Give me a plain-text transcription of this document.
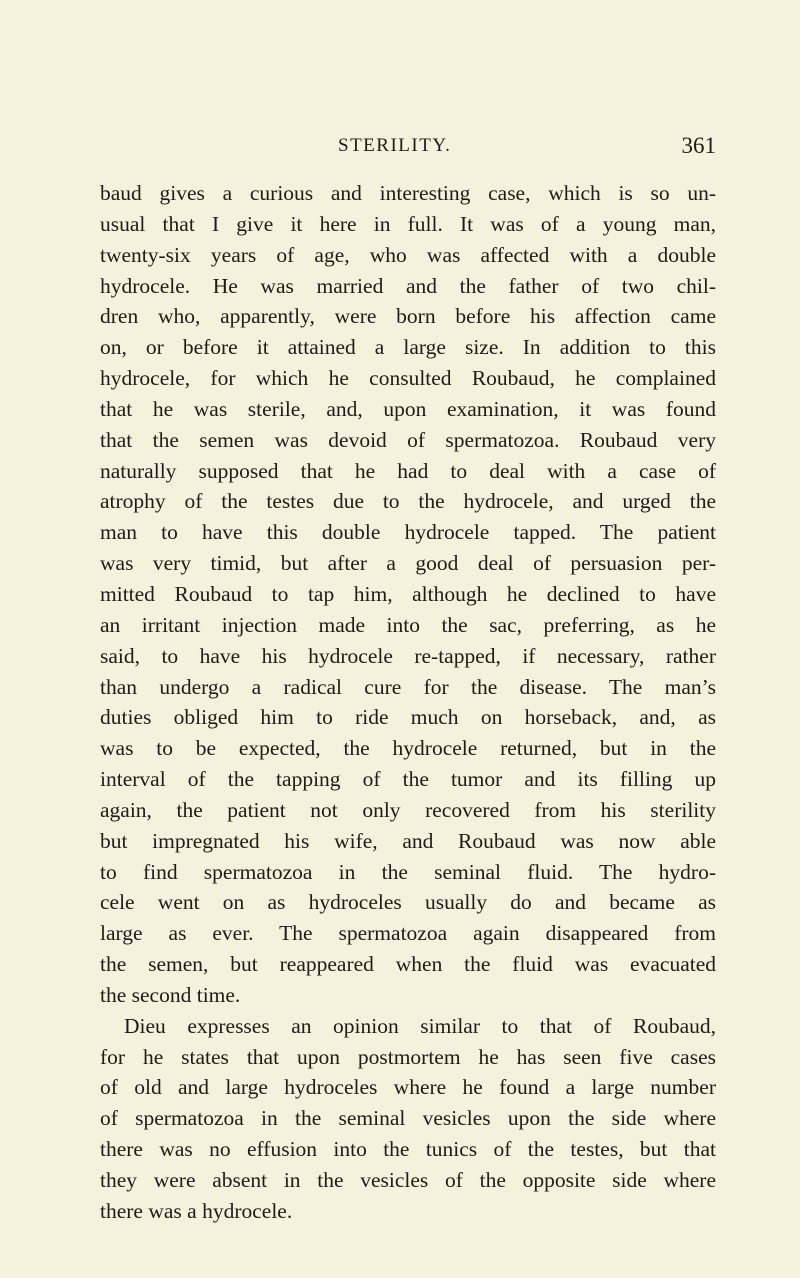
STERILITY.	361
baud gives a curious and interesting case, which is so un-
usual that I give it here in full. It was of a young man,
twenty-six years of age, who was affected with a double
hydrocele. He was married and the father of two chil-
dren who, apparently, were born before his affection came
on, or before it attained a large size. In addition to this
hydrocele, for which he consulted Roubaud, he complained
that he was sterile, and, upon examination, it was found
that the semen was devoid of spermatozoa. Roubaud very
naturally supposed that he had to deal with a case of
atrophy of the testes due to the hydrocele, and urged the
man to have this double hydrocele tapped. The patient
was very timid, but after a good deal of persuasion per-
mitted Roubaud to tap him, although he declined to have
an irritant injection made into the sac, preferring, as he
said, to have his hydrocele re-tapped, if necessary, rather
than undergo a radical cure for the disease. The man’s
duties obliged him to ride much on horseback, and, as
was to be expected, the hydrocele returned, but in the
interval of the tapping of the tumor and its filling up
again, the patient not only recovered from his sterility
but impregnated his wife, and Roubaud was now able
to find spermatozoa in the seminal fluid. The hydro-
cele went on as hydroceles usually do and became as
large as ever. The spermatozoa again disappeared from
the semen, but reappeared when the fluid was evacuated
the second time.
Dieu expresses an opinion similar to that of Roubaud,
for he states that upon postmortem he has seen five cases
of old and large hydroceles where he found a large number
of spermatozoa in the seminal vesicles upon the side where
there was no effusion into the tunics of the testes, but that
they were absent in the vesicles of the opposite side where
there was a hydrocele.
